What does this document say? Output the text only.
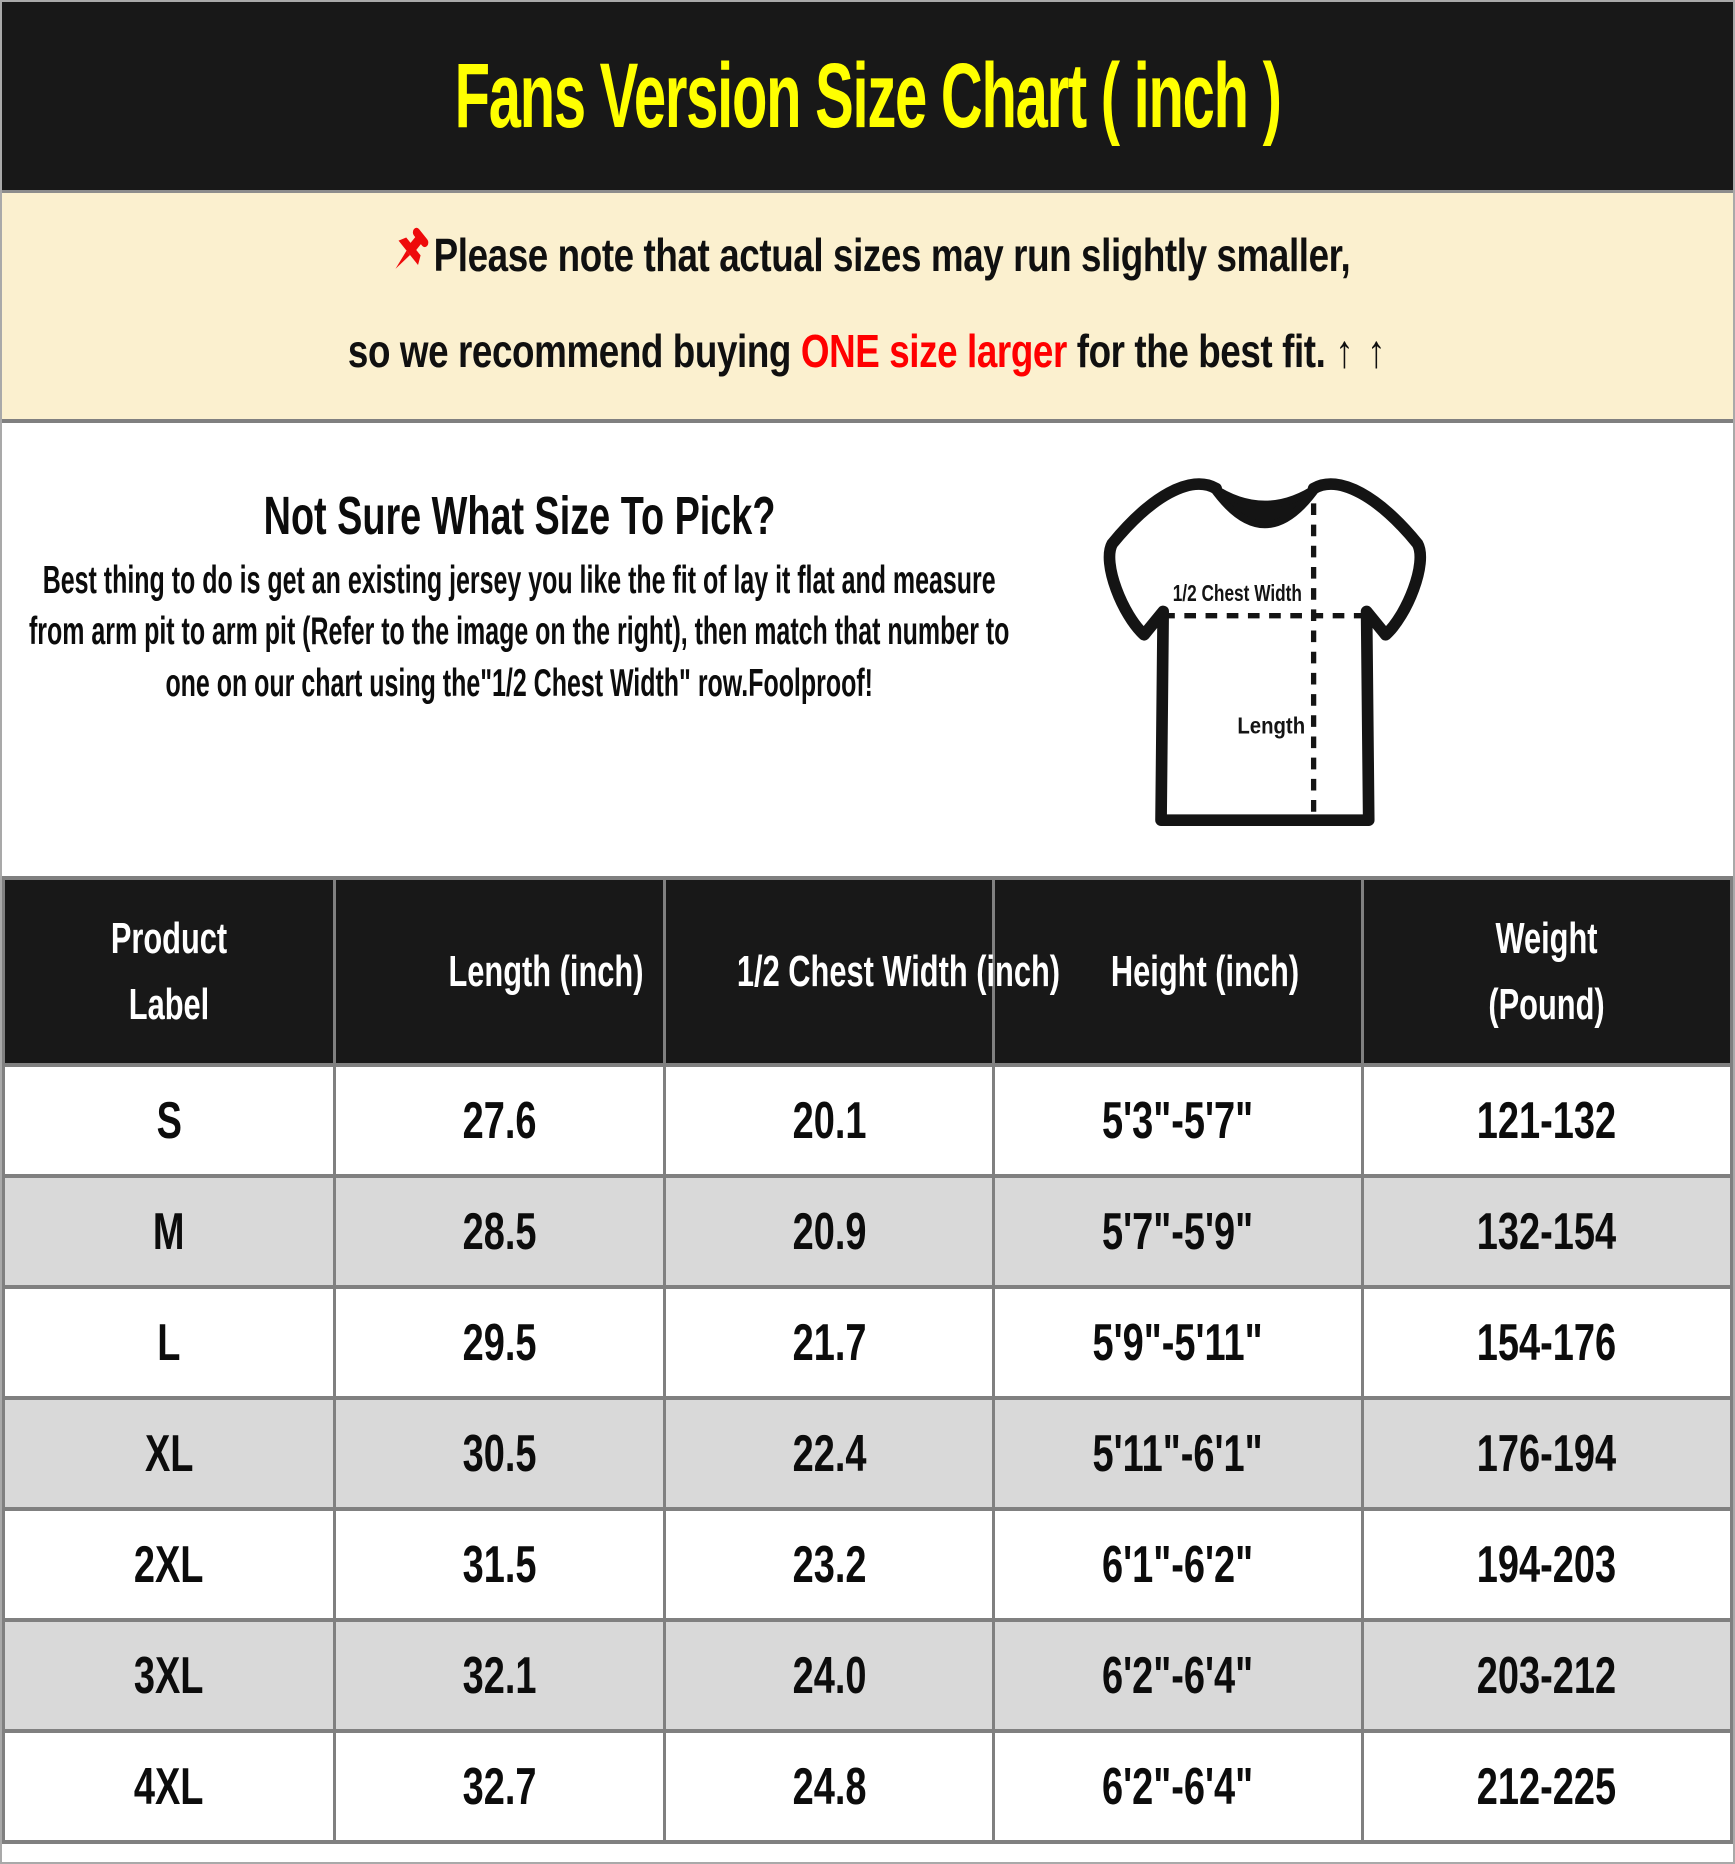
Fans Version Size Chart ( inch )
Please note that actual sizes may run slightly smaller,
so we recommend buying ONE size larger for the best fit. ↑ ↑
Not Sure What Size To Pick?
Best thing to do is get an existing jersey you like the fit of lay it flat and measure from arm pit to arm pit (Refer to the image on the right), then match that number to one on our chart using the"1/2 Chest Width" row.Foolproof!
1/2 Chest Width
Length
Product Label	Length (inch)	1/2 Chest Width (inch)	Height (inch)	Weight (Pound)
S	27.6	20.1	5'3"-5'7"	121-132
M	28.5	20.9	5'7"-5'9"	132-154
L	29.5	21.7	5'9"-5'11"	154-176
XL	30.5	22.4	5'11"-6'1"	176-194
2XL	31.5	23.2	6'1"-6'2"	194-203
3XL	32.1	24.0	6'2"-6'4"	203-212
4XL	32.7	24.8	6'2"-6'4"	212-225
